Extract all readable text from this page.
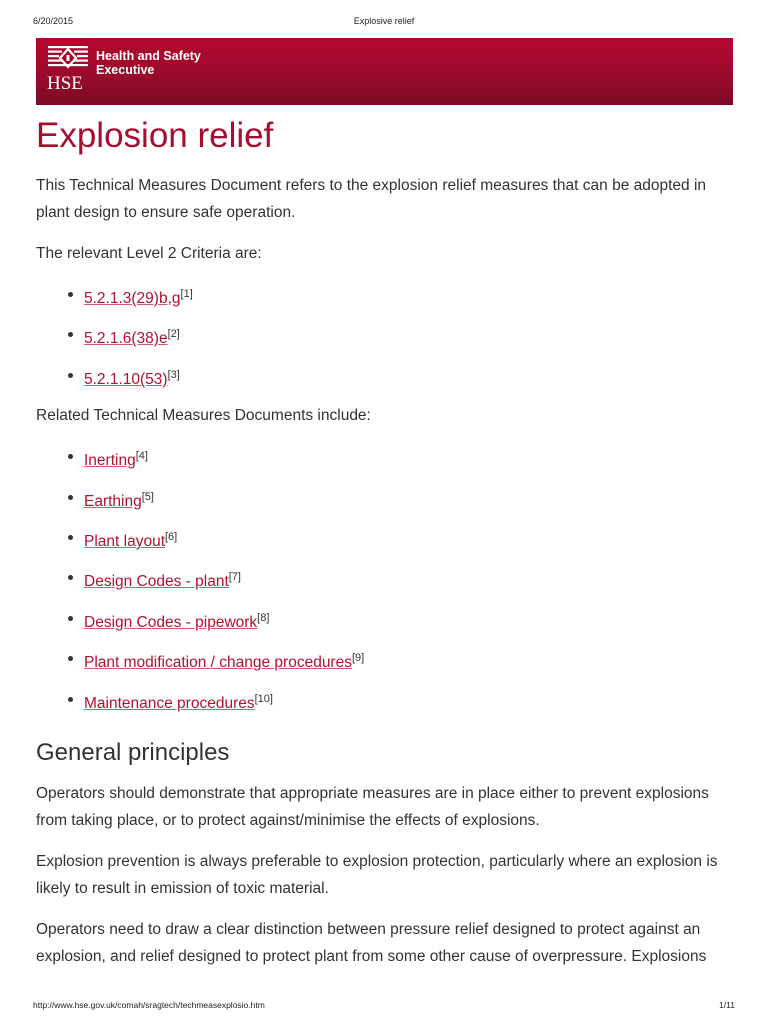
6/20/2015	Explosive relief
HSE
Health and Safety
Executive
Explosion relief

This Technical Measures Document refers to the explosion relief measures that can be adopted in plant design to ensure safe operation.

The relevant Level 2 Criteria are:

5.2.1.3(29)b,g[1]
5.2.1.6(38)e[2]
5.2.1.10(53)[3]

Related Technical Measures Documents include:

Inerting[4]
Earthing[5]
Plant layout[6]
Design Codes - plant[7]
Design Codes - pipework[8]
Plant modification / change procedures[9]
Maintenance procedures[10]
General principles

Operators should demonstrate that appropriate measures are in place either to prevent explosions from taking place, or to protect against/minimise the effects of explosions.

Explosion prevention is always preferable to explosion protection, particularly where an explosion is likely to result in emission of toxic material.

Operators need to draw a clear distinction between pressure relief designed to protect against an explosion, and relief designed to protect plant from some other cause of overpressure. Explosions

http://www.hse.gov.uk/comah/sragtech/techmeasexplosio.htm	1/11
